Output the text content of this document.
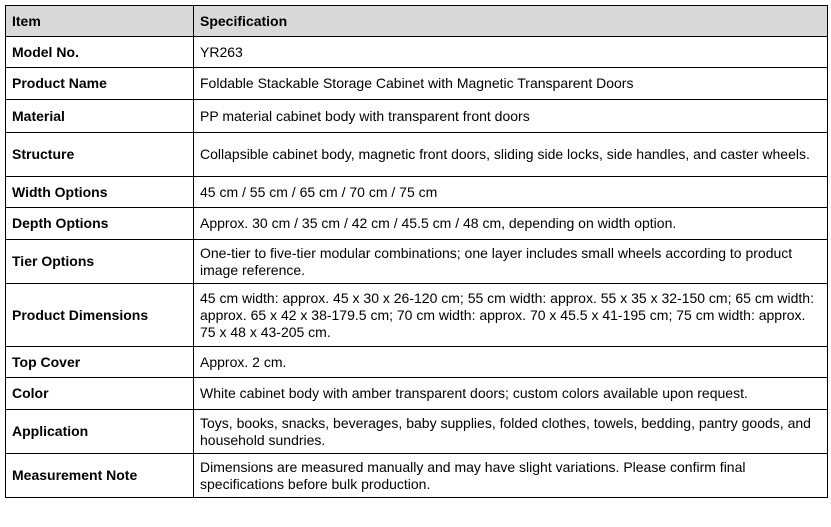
Item	Specification
Model No.	YR263
Product Name	Foldable Stackable Storage Cabinet with Magnetic Transparent Doors
Material	PP material cabinet body with transparent front doors
Structure	Collapsible cabinet body, magnetic front doors, sliding side locks, side handles, and caster wheels.
Width Options	45 cm / 55 cm / 65 cm / 70 cm / 75 cm
Depth Options	Approx. 30 cm / 35 cm / 42 cm / 45.5 cm / 48 cm, depending on width option.
Tier Options	One-tier to five-tier modular combinations; one layer includes small wheels according to product image reference.
Product Dimensions	45 cm width: approx. 45 x 30 x 26-120 cm; 55 cm width: approx. 55 x 35 x 32-150 cm; 65 cm width: approx. 65 x 42 x 38-179.5 cm; 70 cm width: approx. 70 x 45.5 x 41-195 cm; 75 cm width: approx. 75 x 48 x 43-205 cm.
Top Cover	Approx. 2 cm.
Color	White cabinet body with amber transparent doors; custom colors available upon request.
Application	Toys, books, snacks, beverages, baby supplies, folded clothes, towels, bedding, pantry goods, and household sundries.
Measurement Note	Dimensions are measured manually and may have slight variations. Please confirm final specifications before bulk production.
